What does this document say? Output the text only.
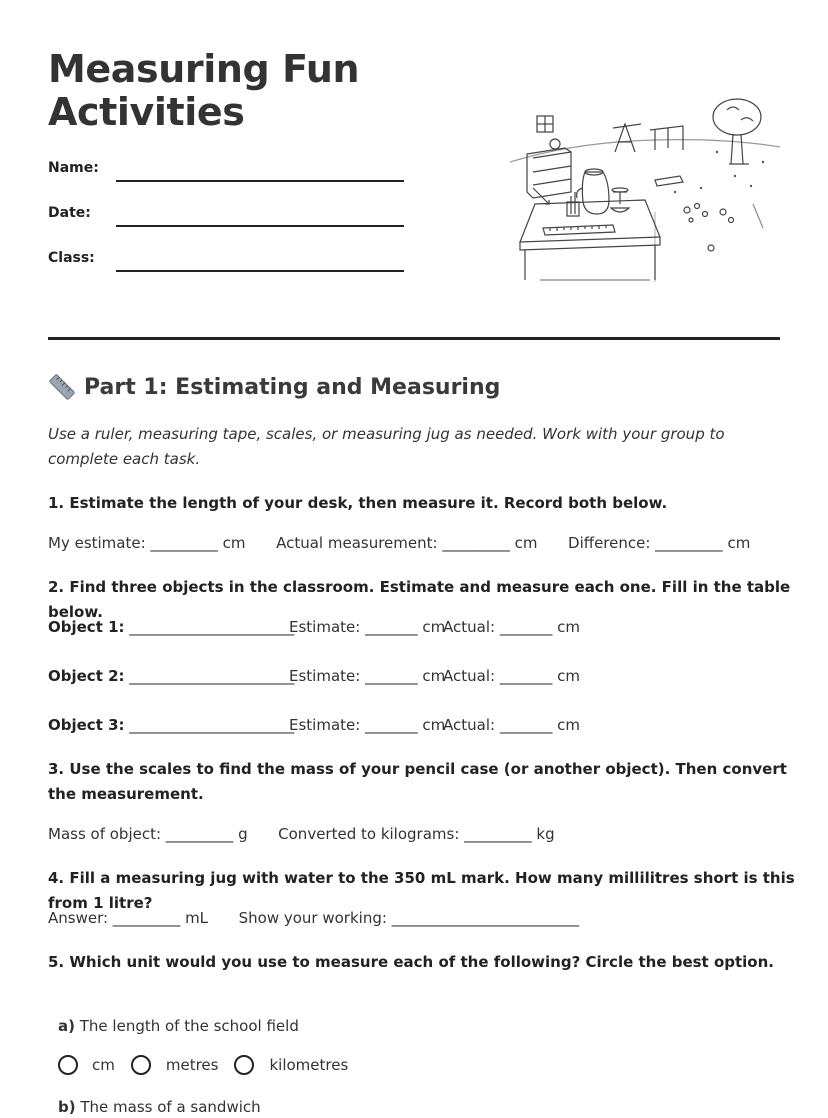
Measuring Fun
Activities
Name:
Date:
Class:
Part 1: Estimating and Measuring
Use a ruler, measuring tape, scales, or measuring jug as needed. Work with your group to complete each task.
1. Estimate the length of your desk, then measure it. Record both below.
My estimate: _________ cm Actual measurement: _________ cm Difference: _________ cm
2. Find three objects in the classroom. Estimate and measure each one. Fill in the table below.
Object 1: ______________________
Estimate: _______ cm
Actual: _______ cm
Object 2: ______________________
Estimate: _______ cm
Actual: _______ cm
Object 3: ______________________
Estimate: _______ cm
Actual: _______ cm
3. Use the scales to find the mass of your pencil case (or another object). Then convert the measurement.
Mass of object: _________ g Converted to kilograms: _________ kg
4. Fill a measuring jug with water to the 350 mL mark. How many millilitres short is this from 1 litre?
Answer: _________ mL Show your working: _________________________
5. Which unit would you use to measure each of the following? Circle the best option.
a) The length of the school field
cm	metres	kilometres
b) The mass of a sandwich
